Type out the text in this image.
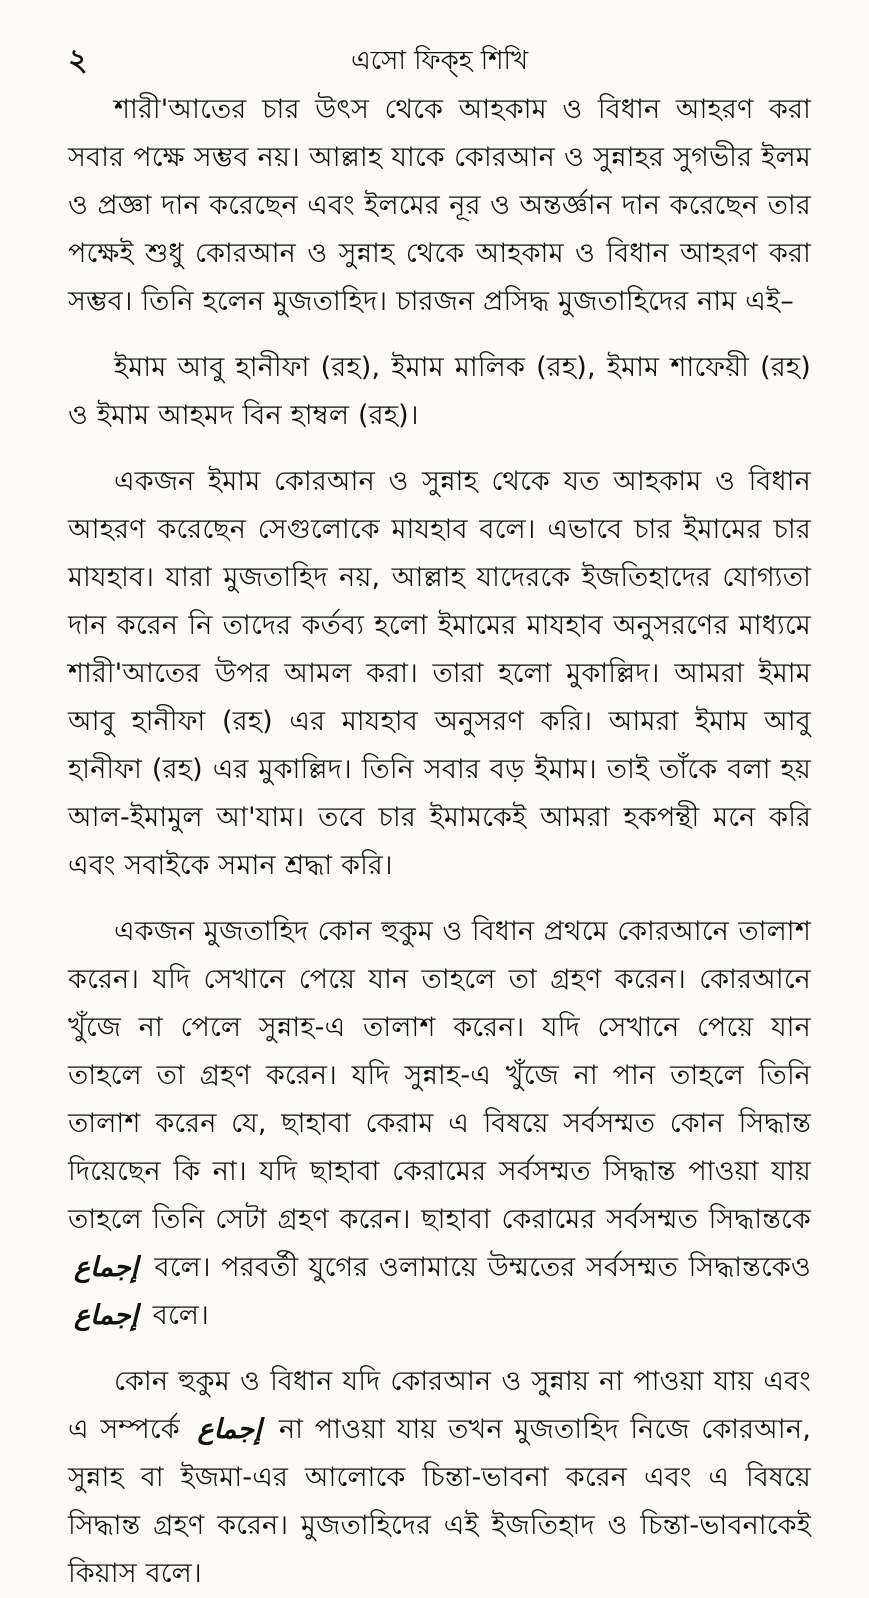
২	এসো ফিক্হ শিখি

শারী'আতের চার উৎস থেকে আহকাম ও বিধান আহরণ করা সবার পক্ষে সম্ভব নয়। আল্লাহ যাকে কোরআন ও সুন্নাহর সুগভীর ইলম ও প্রজ্ঞা দান করেছেন এবং ইলমের নূর ও অন্তর্জ্ঞান দান করেছেন তার পক্ষেই শুধু কোরআন ও সুন্নাহ থেকে আহকাম ও বিধান আহরণ করা সম্ভব। তিনি হলেন মুজতাহিদ। চারজন প্রসিদ্ধ মুজতাহিদের নাম এই–

ইমাম আবু হানীফা (রহ), ইমাম মালিক (রহ), ইমাম শাফেয়ী (রহ) ও ইমাম আহমদ বিন হাম্বল (রহ)।

একজন ইমাম কোরআন ও সুন্নাহ থেকে যত আহকাম ও বিধান আহরণ করেছেন সেগুলোকে মাযহাব বলে। এভাবে চার ইমামের চার মাযহাব। যারা মুজতাহিদ নয়, আল্লাহ যাদেরকে ইজতিহাদের যোগ্যতা দান করেন নি তাদের কর্তব্য হলো ইমামের মাযহাব অনুসরণের মাধ্যমে শারী'আতের উপর আমল করা। তারা হলো মুকাল্লিদ। আমরা ইমাম আবু হানীফা (রহ) এর মাযহাব অনুসরণ করি। আমরা ইমাম আবু হানীফা (রহ) এর মুকাল্লিদ। তিনি সবার বড় ইমাম। তাই তাঁকে বলা হয় আল-ইমামুল আ'যাম। তবে চার ইমামকেই আমরা হকপন্থী মনে করি এবং সবাইকে সমান শ্রদ্ধা করি।

একজন মুজতাহিদ কোন হুকুম ও বিধান প্রথমে কোরআনে তালাশ করেন। যদি সেখানে পেয়ে যান তাহলে তা গ্রহণ করেন। কোরআনে খুঁজে না পেলে সুন্নাহ-এ তালাশ করেন। যদি সেখানে পেয়ে যান তাহলে তা গ্রহণ করেন। যদি সুন্নাহ-এ খুঁজে না পান তাহলে তিনি তালাশ করেন যে, ছাহাবা কেরাম এ বিষয়ে সর্বসম্মত কোন সিদ্ধান্ত দিয়েছেন কি না। যদি ছাহাবা কেরামের সর্বসম্মত সিদ্ধান্ত পাওয়া যায় তাহলে তিনি সেটা গ্রহণ করেন। ছাহাবা কেরামের সর্বসম্মত সিদ্ধান্তকে إجماع বলে। পরবর্তী যুগের ওলামায়ে উম্মতের সর্বসম্মত সিদ্ধান্তকেও إجماع বলে।

কোন হুকুম ও বিধান যদি কোরআন ও সুন্নায় না পাওয়া যায় এবং এ সম্পর্কে إجماع না পাওয়া যায় তখন মুজতাহিদ নিজে কোরআন, সুন্নাহ বা ইজমা-এর আলোকে চিন্তা-ভাবনা করেন এবং এ বিষয়ে সিদ্ধান্ত গ্রহণ করেন। মুজতাহিদের এই ইজতিহাদ ও চিন্তা-ভাবনাকেই কিয়াস বলে।
